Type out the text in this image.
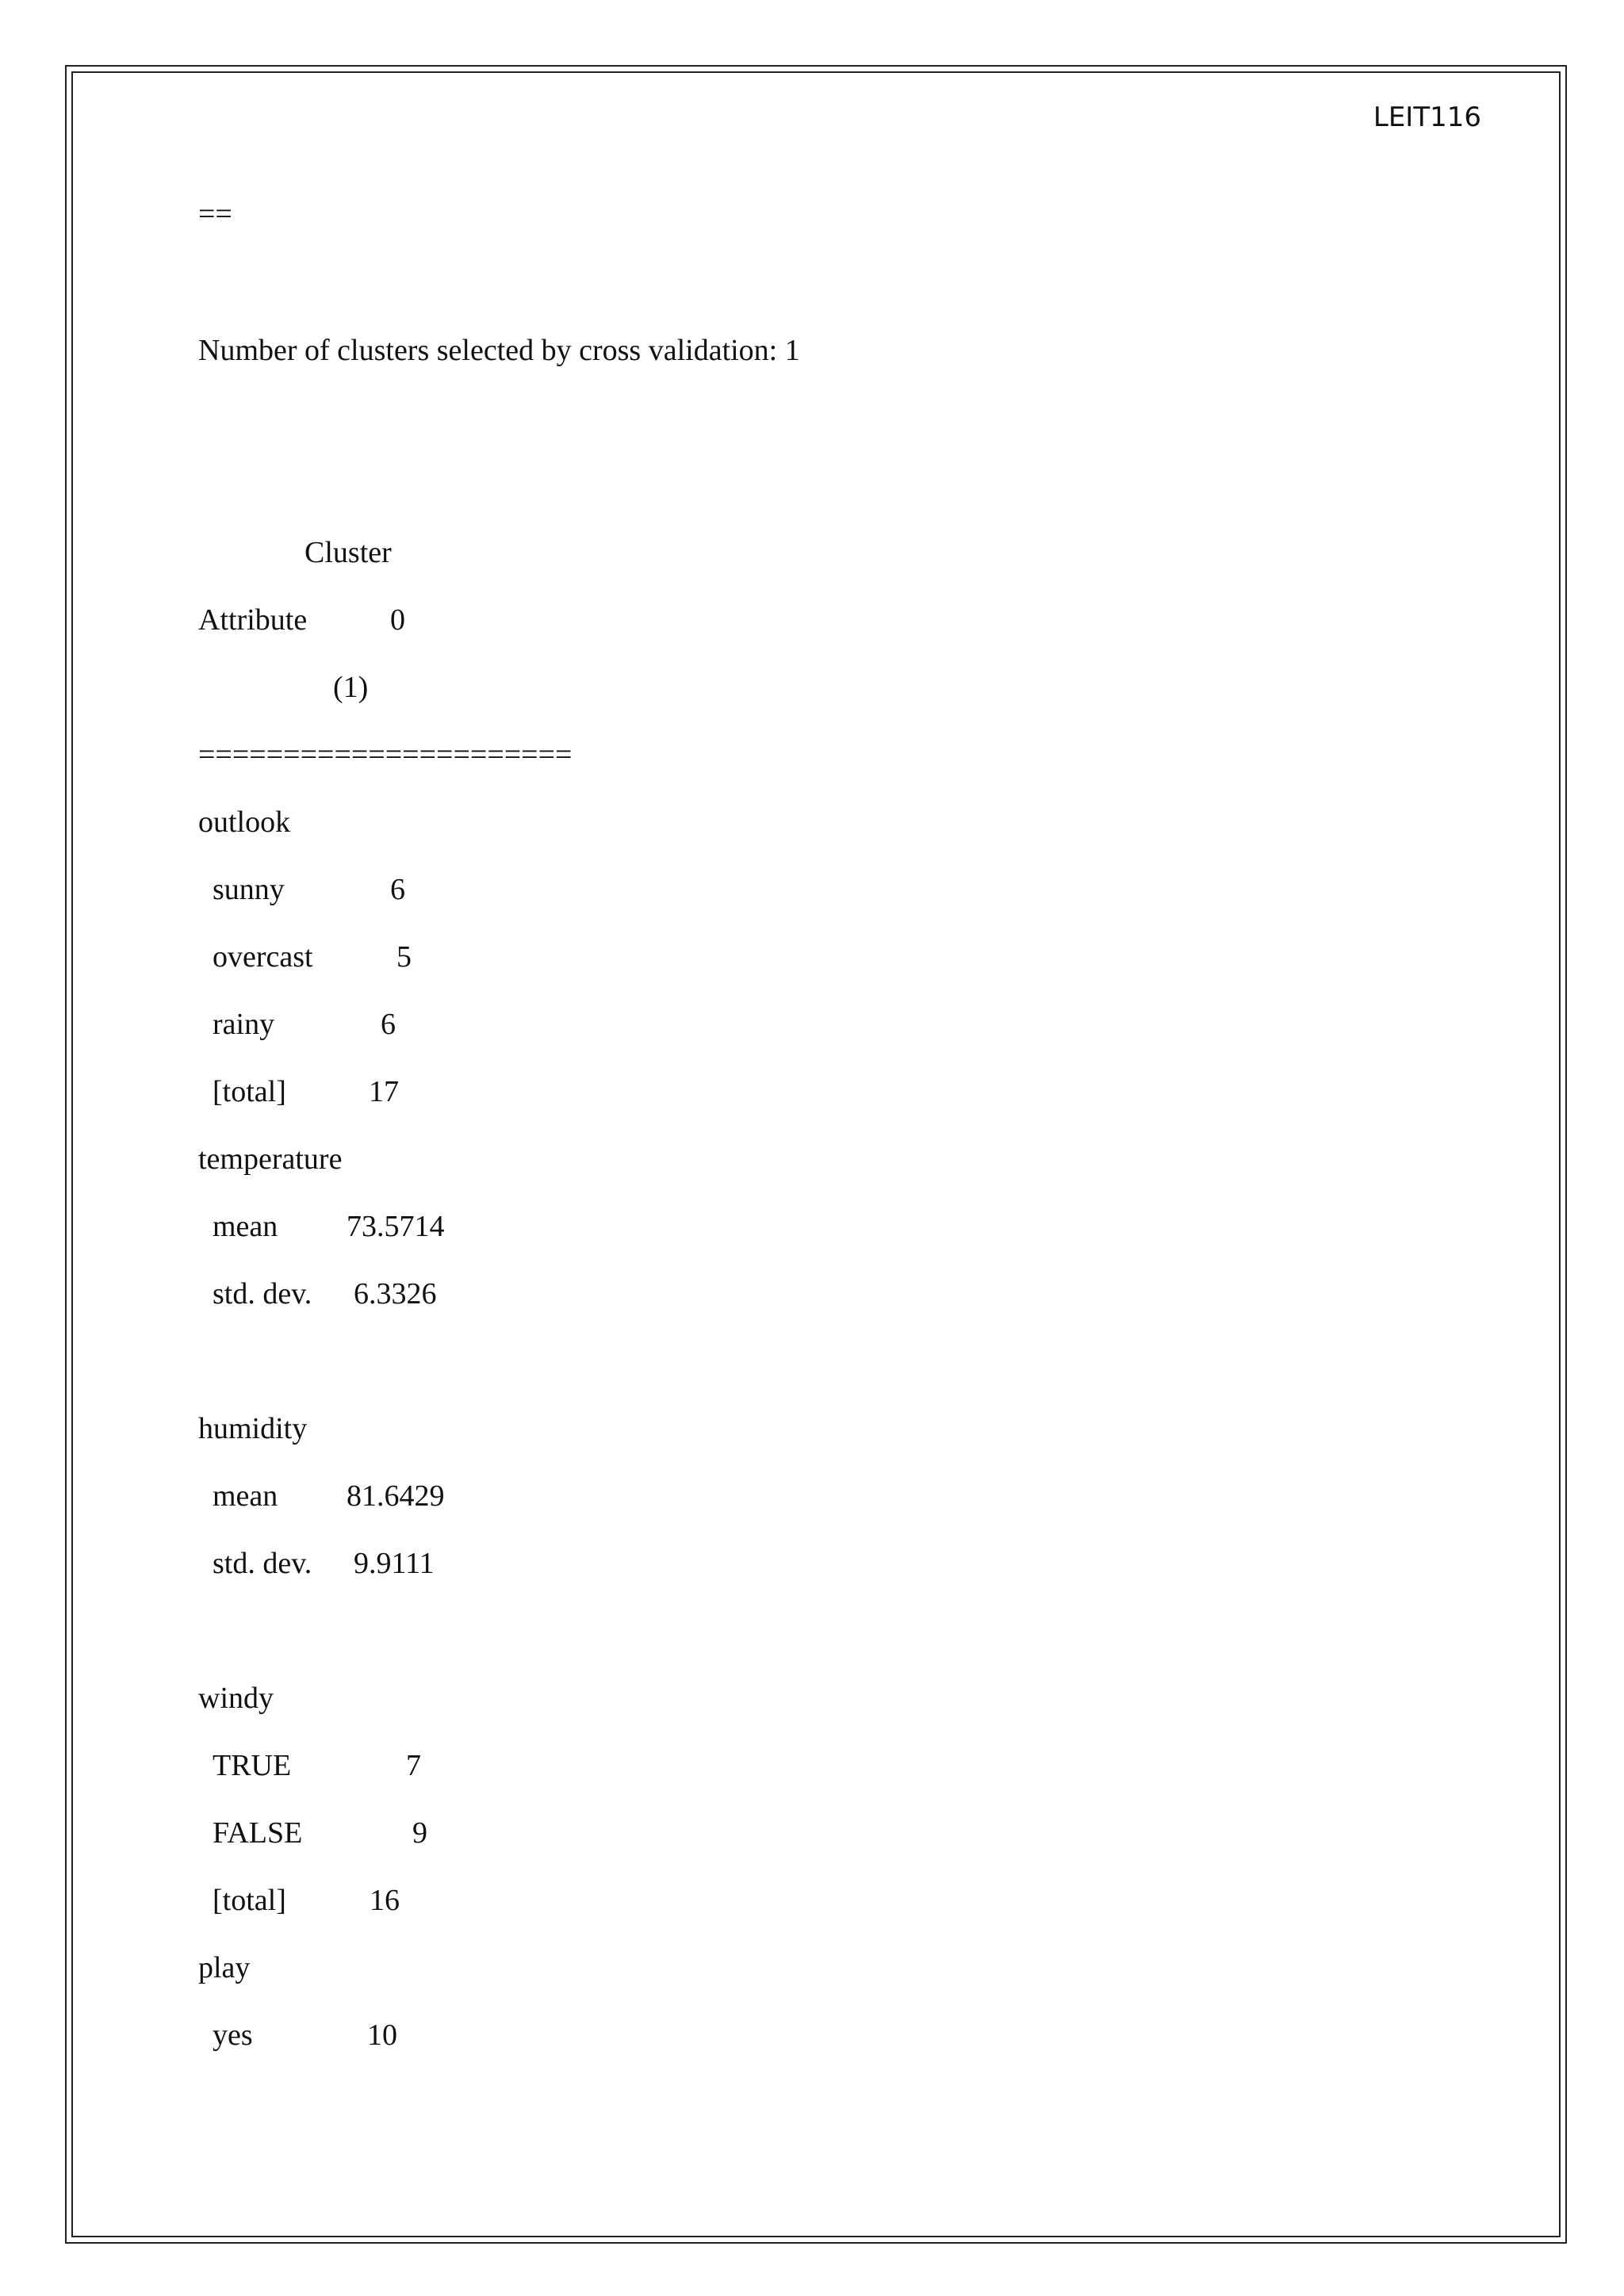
LEIT116
==
Number of clusters selected by cross validation: 1
Cluster
Attribute	0
(1)
======================
outlook
sunny	6
overcast	5
rainy	6
[total]	17
temperature
mean 73.5714
std. dev. 6.3326
humidity
mean 81.6429
std. dev. 9.9111
windy
TRUE	7
FALSE	9
[total]	16
play
yes	10
